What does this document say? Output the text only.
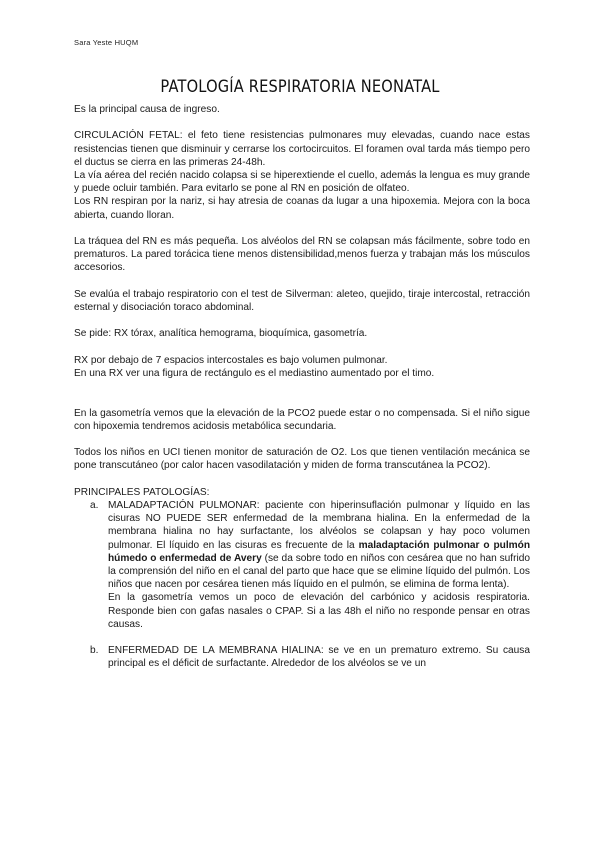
Sara Yeste HUQM
PATOLOGÍA RESPIRATORIA NEONATAL

Es la principal causa de ingreso.

CIRCULACIÓN FETAL: el feto tiene resistencias pulmonares muy elevadas, cuando nace estas resistencias tienen que disminuir y cerrarse los cortocircuitos. El foramen oval tarda más tiempo pero el ductus se cierra en las primeras 24-48h.

La vía aérea del recién nacido colapsa si se hiperextiende el cuello, además la lengua es muy grande y puede ocluir también. Para evitarlo se pone al RN en posición de olfateo.

Los RN respiran por la nariz, si hay atresia de coanas da lugar a una hipoxemia. Mejora con la boca abierta, cuando lloran.

La tráquea del RN es más pequeña. Los alvéolos del RN se colapsan más fácilmente, sobre todo en prematuros. La pared torácica tiene menos distensibilidad,menos fuerza y trabajan más los músculos accesorios.

Se evalúa el trabajo respiratorio con el test de Silverman: aleteo, quejido, tiraje intercostal, retracción esternal y disociación toraco abdominal.

Se pide: RX tórax, analítica hemograma, bioquímica, gasometría.

RX por debajo de 7 espacios intercostales es bajo volumen pulmonar.

En una RX ver una figura de rectángulo es el mediastino aumentado por el timo.

En la gasometría vemos que la elevación de la PCO2 puede estar o no compensada. Si el niño sigue con hipoxemia tendremos acidosis metabólica secundaria.

Todos los niños en UCI tienen monitor de saturación de O2. Los que tienen ventilación mecánica se pone transcutáneo (por calor hacen vasodilatación y miden de forma transcutánea la PCO2).

PRINCIPALES PATOLOGÍAS:

a. MALADAPTACIÓN PULMONAR: paciente con hiperinsuflación pulmonar y líquido en las cisuras NO PUEDE SER enfermedad de la membrana hialina. En la enfermedad de la membrana hialina no hay surfactante, los alvéolos se colapsan y hay poco volumen pulmonar. El líquido en las cisuras es frecuente de la maladaptación pulmonar o pulmón húmedo o enfermedad de Avery (se da sobre todo en niños con cesárea que no han sufrido la comprensión del niño en el canal del parto que hace que se elimine líquido del pulmón. Los niños que nacen por cesárea tienen más líquido en el pulmón, se elimina de forma lenta).

En la gasometría vemos un poco de elevación del carbónico y acidosis respiratoria. Responde bien con gafas nasales o CPAP. Si a las 48h el niño no responde pensar en otras causas.

b. ENFERMEDAD DE LA MEMBRANA HIALINA: se ve en un prematuro extremo. Su causa principal es el déficit de surfactante. Alrededor de los alvéolos se ve un
